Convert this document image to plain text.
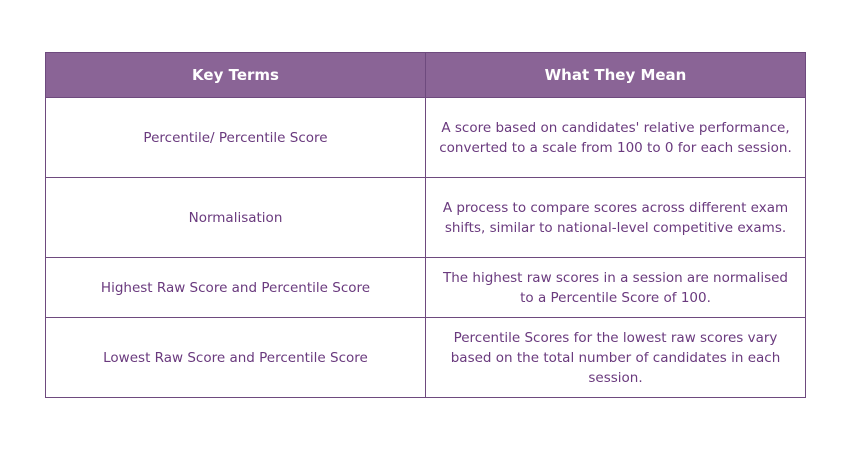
Key Terms	What They Mean
Percentile/ Percentile Score	A score based on candidates' relative performance, converted to a scale from 100 to 0 for each session.
Normalisation	A process to compare scores across different exam shifts, similar to national-level competitive exams.
Highest Raw Score and Percentile Score	The highest raw scores in a session are normalised to a Percentile Score of 100.
Lowest Raw Score and Percentile Score	Percentile Scores for the lowest raw scores vary based on the total number of candidates in each session.
